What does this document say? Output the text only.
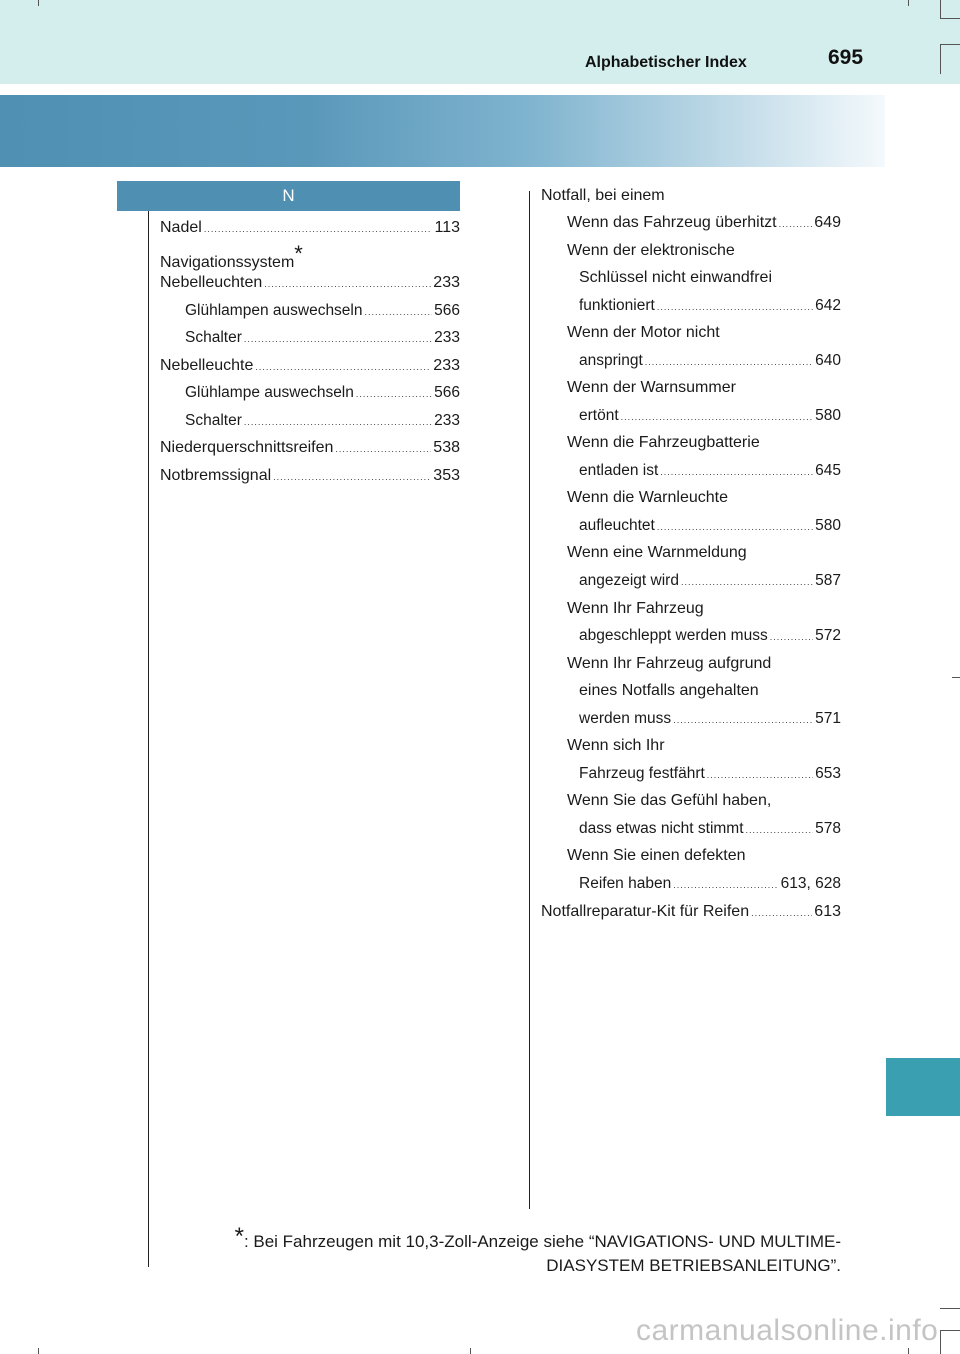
Alphabetischer Index	695
N
Nadel .....	113
Navigationssystem*
Nebelleuchten .....	233
Glühlampen auswechseln .....	566
Schalter .....	233
Nebelleuchte .....	233
Glühlampe auswechseln .....	566
Schalter .....	233
Niederquerschnittsreifen .....	538
Notbremssignal .....	353
Notfall, bei einem
Wenn das Fahrzeug überhitzt ..... 649
Wenn der elektronische
Schlüssel nicht einwandfrei
funktioniert .....	642
Wenn der Motor nicht
anspringt .....	640
Wenn der Warnsummer
ertönt .....	580
Wenn die Fahrzeugbatterie
entladen ist .....	645
Wenn die Warnleuchte
aufleuchtet .....	580
Wenn eine Warnmeldung
angezeigt wird .....	587
Wenn Ihr Fahrzeug
abgeschleppt werden muss .....	572
Wenn Ihr Fahrzeug aufgrund
eines Notfalls angehalten
werden muss .....	571
Wenn sich Ihr
Fahrzeug festfährt .....	653
Wenn Sie das Gefühl haben,
dass etwas nicht stimmt .....	578
Wenn Sie einen defekten
Reifen haben .....	613, 628
Notfallreparatur-Kit für Reifen .....	613
*: Bei Fahrzeugen mit 10,3-Zoll-Anzeige siehe “NAVIGATIONS- UND MULTIME-
DIASYSTEM BETRIEBSANLEITUNG”.
carmanualsonline.info
